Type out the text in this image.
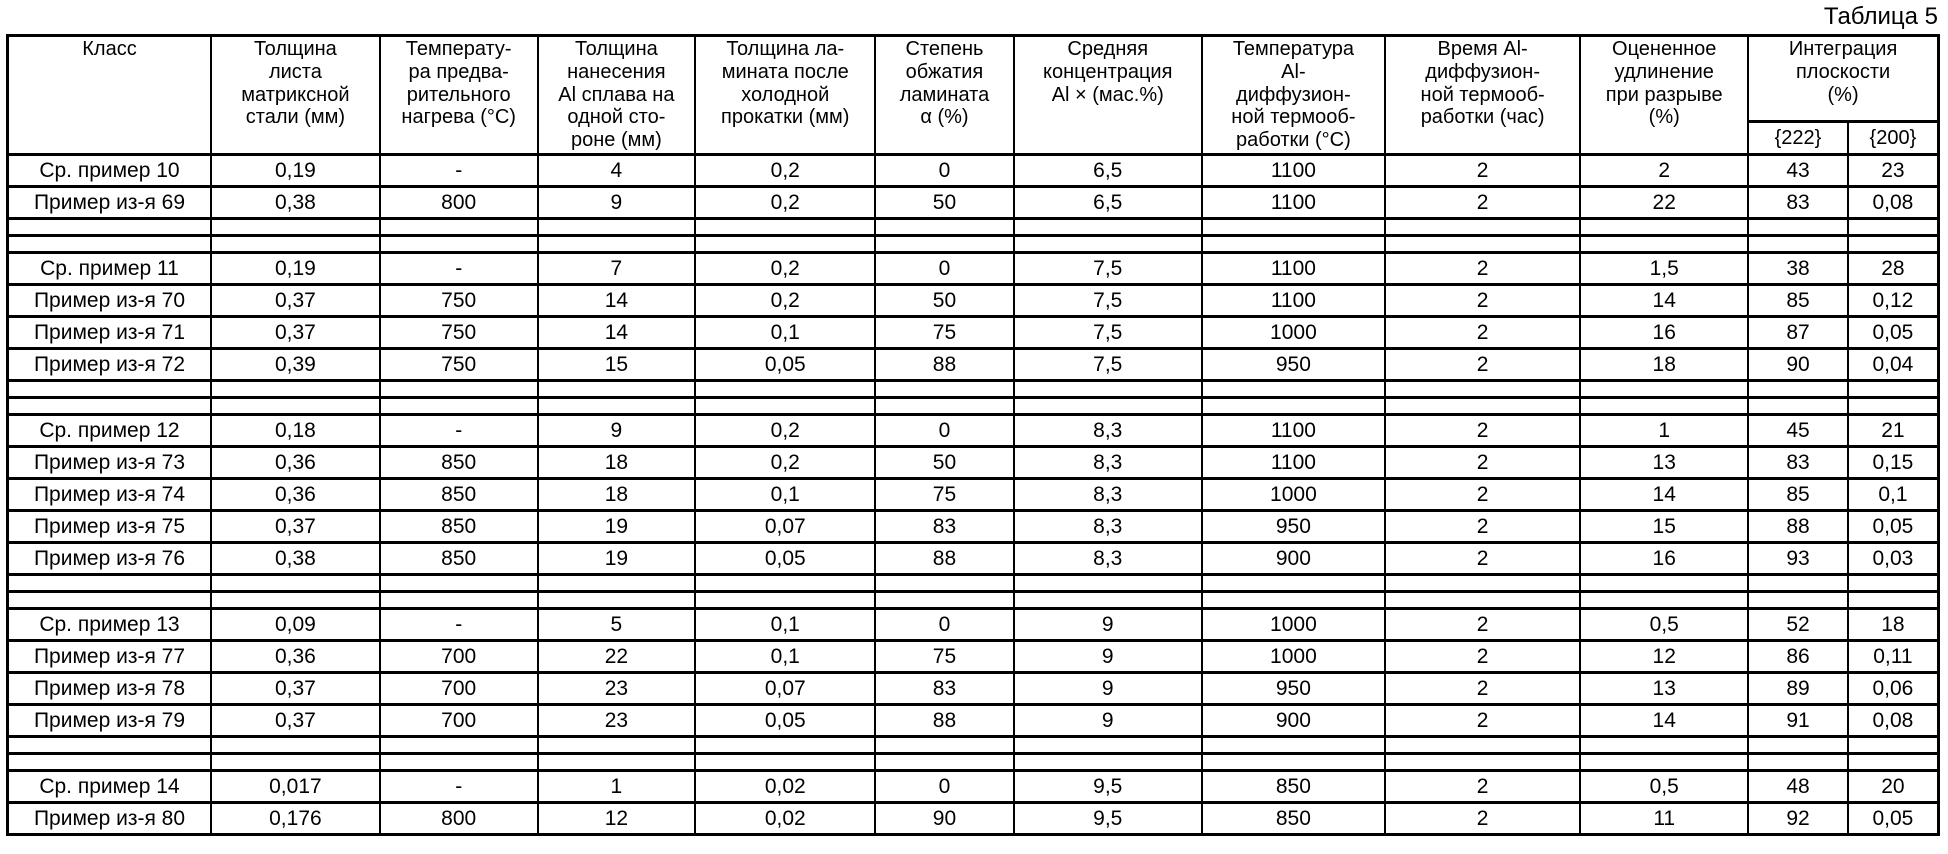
Таблица 5
Класс	Толщина
листа
матриксной
стали (мм)	Температу-
ра предва-
рительного
нагрева (°С)	Толщина
нанесения
Al сплава на
одной сто-
роне (мм)	Толщина ла-
мината после
холодной
прокатки (мм)	Степень
обжатия
ламината
α (%)	Средняя
концентрация
Al × (мас.%)	Температура
Al-
диффузион-
ной термооб-
работки (°С)	Время Al-
диффузион-
ной термооб-
работки (час)	Оцененное
удлинение
при разрыве
(%)	Интеграция
плоскости
(%)	
										{222}	{200}
Ср. пример 10	0,19	-	4	0,2	0	6,5	1100	2	2	43	23
Пример из-я 69	0,38	800	9	0,2	50	6,5	1100	2	22	83	0,08

Ср. пример 11	0,19	-	7	0,2	0	7,5	1100	2	1,5	38	28
Пример из-я 70	0,37	750	14	0,2	50	7,5	1100	2	14	85	0,12
Пример из-я 71	0,37	750	14	0,1	75	7,5	1000	2	16	87	0,05
Пример из-я 72	0,39	750	15	0,05	88	7,5	950	2	18	90	0,04

Ср. пример 12	0,18	-	9	0,2	0	8,3	1100	2	1	45	21
Пример из-я 73	0,36	850	18	0,2	50	8,3	1100	2	13	83	0,15
Пример из-я 74	0,36	850	18	0,1	75	8,3	1000	2	14	85	0,1
Пример из-я 75	0,37	850	19	0,07	83	8,3	950	2	15	88	0,05
Пример из-я 76	0,38	850	19	0,05	88	8,3	900	2	16	93	0,03

Ср. пример 13	0,09	-	5	0,1	0	9	1000	2	0,5	52	18
Пример из-я 77	0,36	700	22	0,1	75	9	1000	2	12	86	0,11
Пример из-я 78	0,37	700	23	0,07	83	9	950	2	13	89	0,06
Пример из-я 79	0,37	700	23	0,05	88	9	900	2	14	91	0,08

Ср. пример 14	0,017	-	1	0,02	0	9,5	850	2	0,5	48	20
Пример из-я 80	0,176	800	12	0,02	90	9,5	850	2	11	92	0,05
